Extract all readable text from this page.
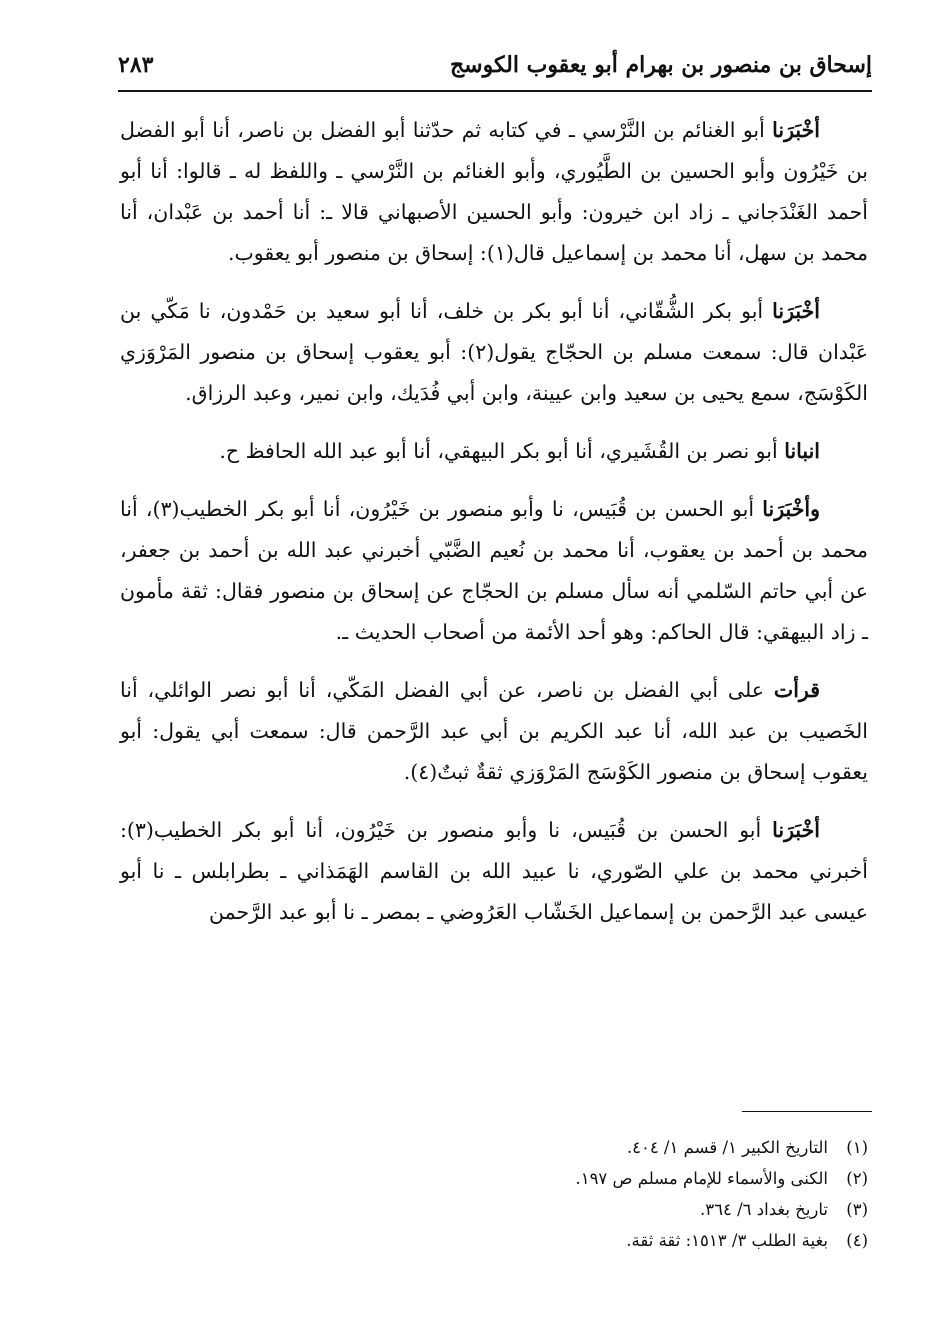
إسحاق بن منصور بن بهرام أبو يعقوب الكوسج
٢٨٣

أخْبَرَنا أبو الغنائم بن النَّرْسي ـ في كتابه ثم حدّثنا أبو الفضل بن ناصر، أنا أبو الفضل بن خَيْرُون وأبو الحسين بن الطَّيُوري، وأبو الغنائم بن النَّرْسي ـ واللفظ له ـ قالوا: أنا أبو أحمد الغَنْدَجاني ـ زاد ابن خيرون: وأبو الحسين الأصبهاني قالا ـ: أنا أحمد بن عَبْدان، أنا محمد بن سهل، أنا محمد بن إسماعيل قال(١): إسحاق بن منصور أبو يعقوب.

أخْبَرَنا أبو بكر الشُّقّاني، أنا أبو بكر بن خلف، أنا أبو سعيد بن حَمْدون، نا مَكّي بن عَبْدان قال: سمعت مسلم بن الحجّاج يقول(٢): أبو يعقوب إسحاق بن منصور المَرْوَزي الكَوْسَج، سمع يحيى بن سعيد وابن عيينة، وابن أبي فُدَيك، وابن نمير، وعبد الرزاق.

انبانا أبو نصر بن القُشَيري، أنا أبو بكر البيهقي، أنا أبو عبد الله الحافظ ح.

وأخْبَرَنا أبو الحسن بن قُبَيس، نا وأبو منصور بن خَيْرُون، أنا أبو بكر الخطيب(٣)، أنا محمد بن أحمد بن يعقوب، أنا محمد بن نُعيم الضَّبّي أخبرني عبد الله بن أحمد بن جعفر، عن أبي حاتم السّلمي أنه سأل مسلم بن الحجّاج عن إسحاق بن منصور فقال: ثقة مأمون ـ زاد البيهقي: قال الحاكم: وهو أحد الأئمة من أصحاب الحديث ـ.

قرأت على أبي الفضل بن ناصر، عن أبي الفضل المَكّي، أنا أبو نصر الوائلي، أنا الخَصيب بن عبد الله، أنا عبد الكريم بن أبي عبد الرَّحمن قال: سمعت أبي يقول: أبو يعقوب إسحاق بن منصور الكَوْسَج المَرْوَزي ثقةٌ ثبتٌ(٤).

أخْبَرَنا أبو الحسن بن قُبَيس، نا وأبو منصور بن خَيْرُون، أنا أبو بكر الخطيب(٣): أخبرني محمد بن علي الصّوري، نا عبيد الله بن القاسم الهَمَذاني ـ بطرابلس ـ نا أبو عيسى عبد الرَّحمن بن إسماعيل الخَشّاب العَرُوضي ـ بمصر ـ نا أبو عبد الرَّحمن

(١)
التاريخ الكبير ١/ قسم ١/ ٤٠٤.
(٢)
الكنى والأسماء للإمام مسلم ص ١٩٧.
(٣)
تاريخ بغداد ٦/ ٣٦٤.
(٤)
بغية الطلب ٣/ ١٥١٣: ثقة ثقة.
